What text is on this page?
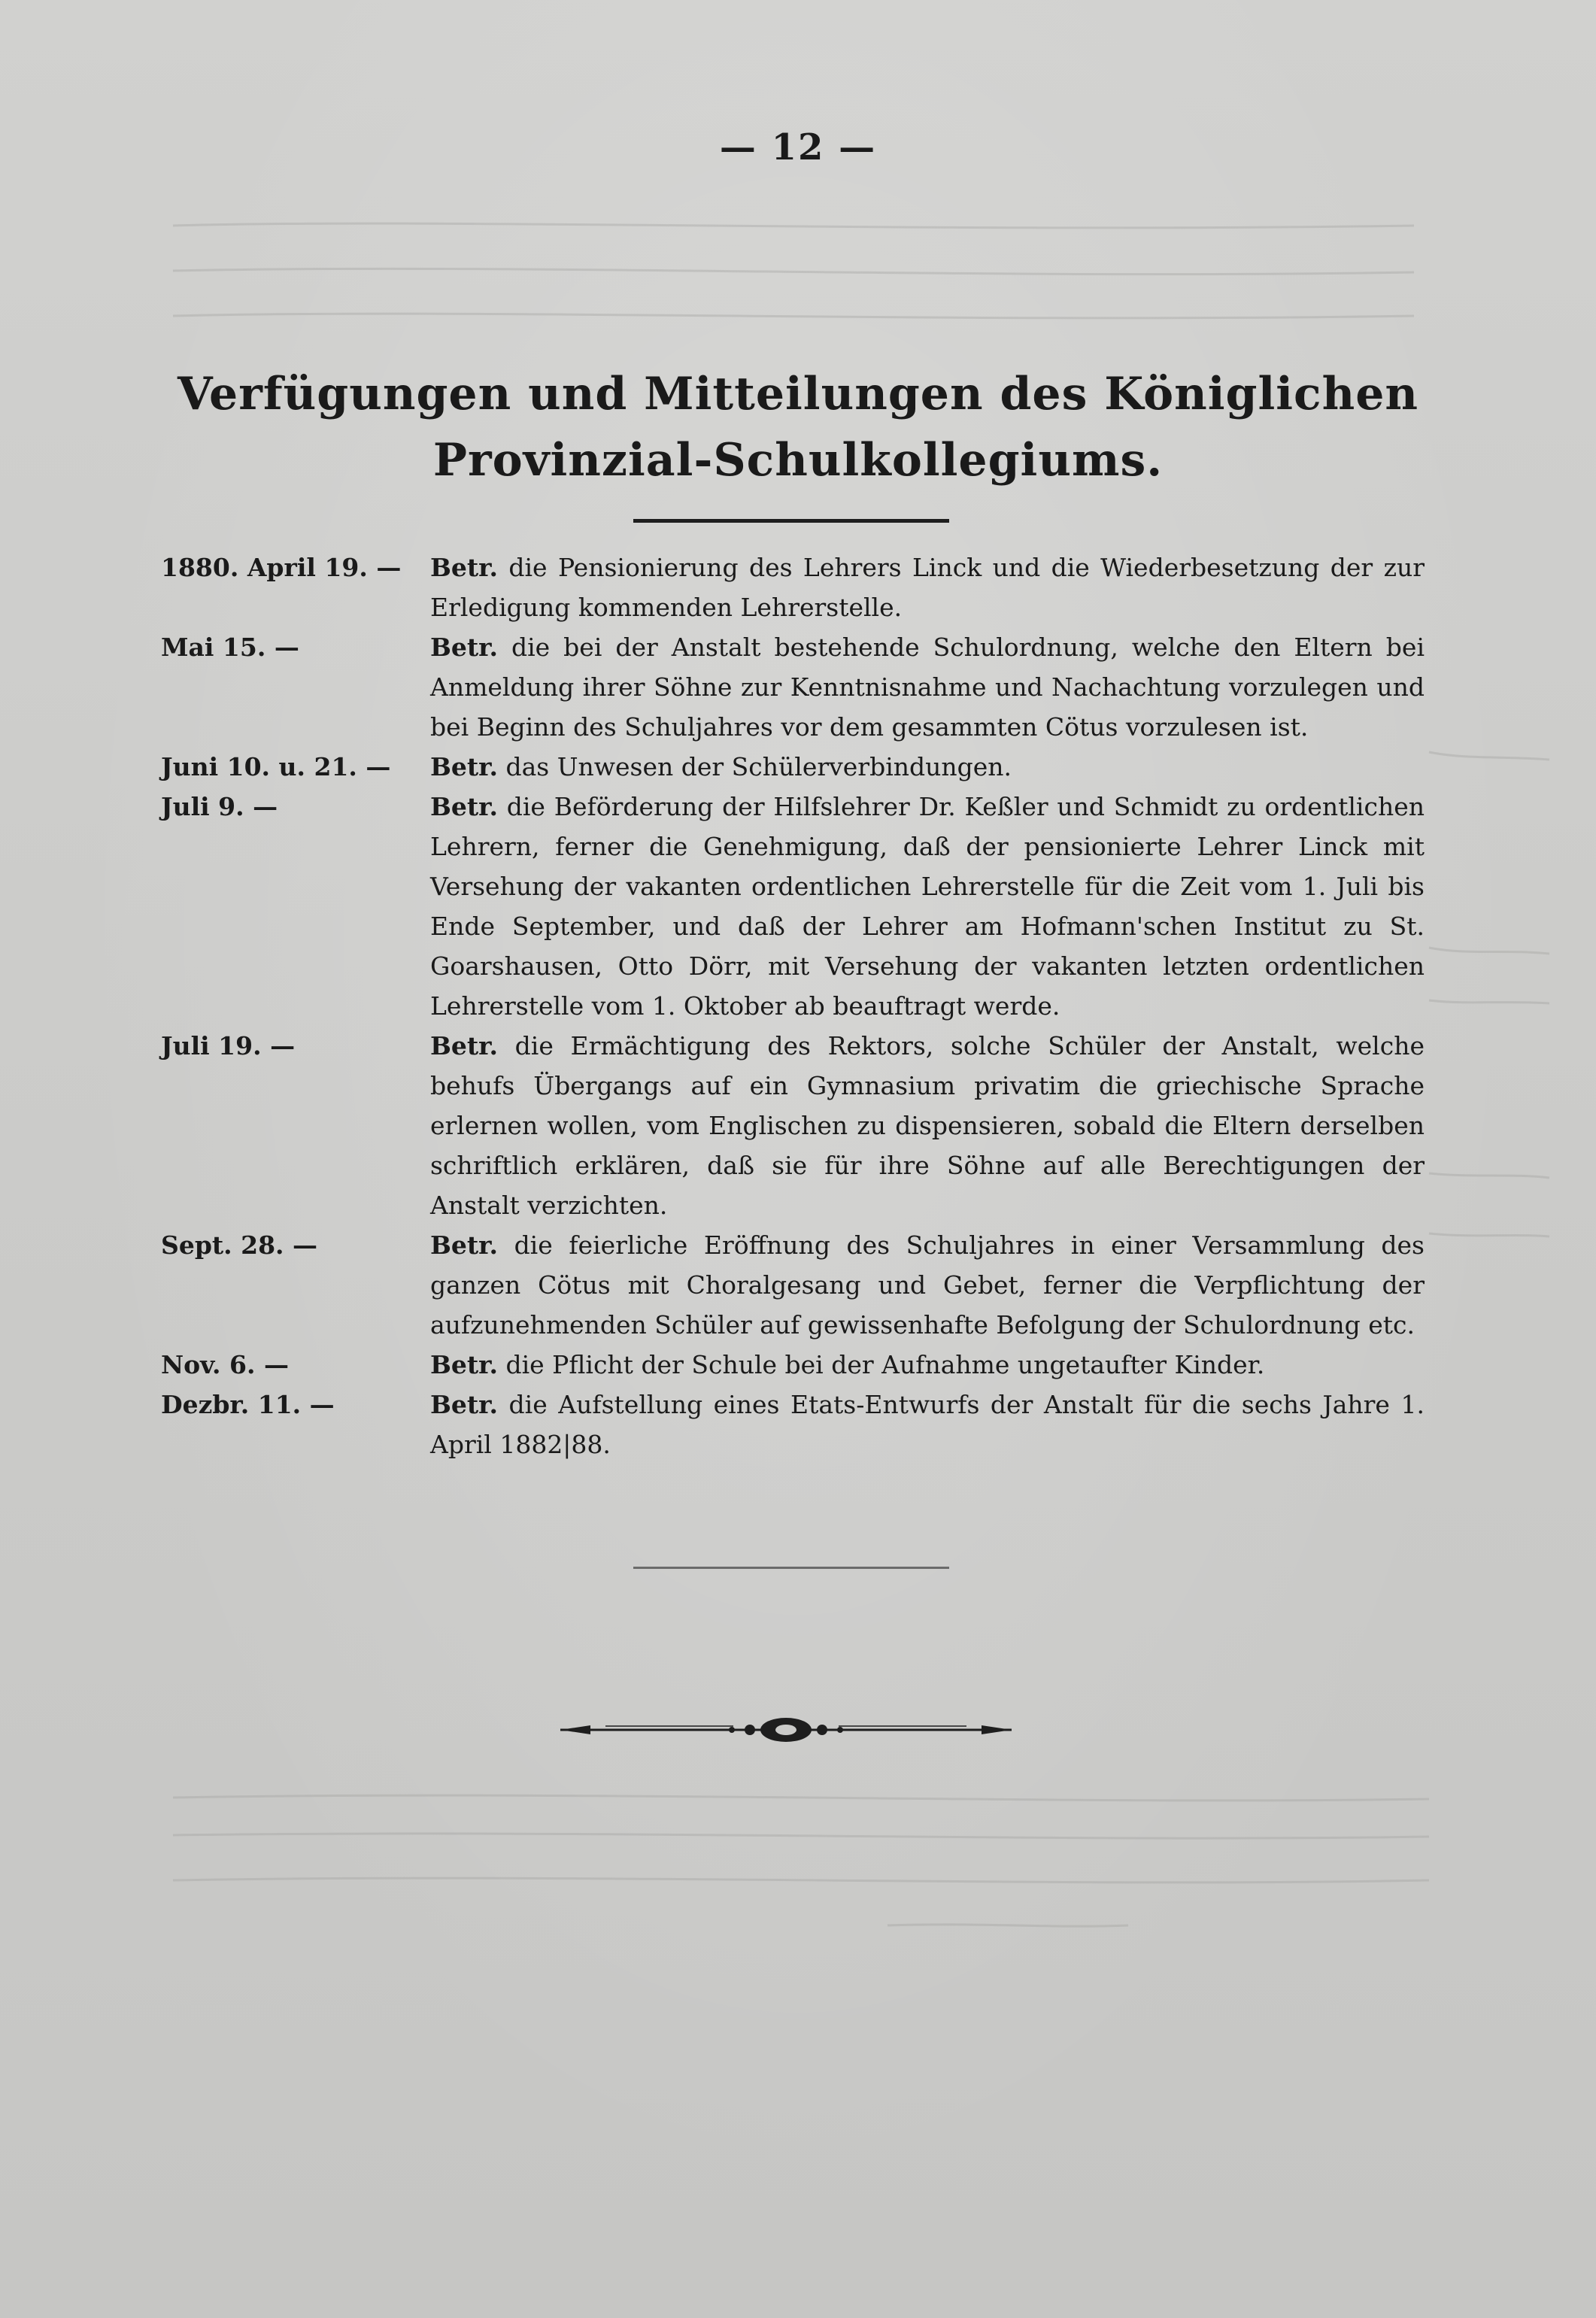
— 12 —
Verfügungen und Mitteilungen des Königlichen
Provinzial-Schulkollegiums.
1880. April 19. —	Betr. die Pensionierung des Lehrers Linck und die Wiederbesetzung der zur Erledigung kommenden Lehrerstelle.
Mai 15. —	Betr. die bei der Anstalt bestehende Schulordnung, welche den Eltern bei Anmeldung ihrer Söhne zur Kenntnisnahme und Nachachtung vorzulegen und bei Beginn des Schuljahres vor dem gesammten Cötus vorzulesen ist.
Juni 10. u. 21. —	Betr. das Unwesen der Schülerverbindungen.
Juli 9. —	Betr. die Beförderung der Hilfslehrer Dr. Keßler und Schmidt zu ordentlichen Lehrern, ferner die Genehmigung, daß der pensionierte Lehrer Linck mit Versehung der vakanten ordentlichen Lehrerstelle für die Zeit vom 1. Juli bis Ende September, und daß der Lehrer am Hofmann'schen Institut zu St. Goarshausen, Otto Dörr, mit Versehung der vakanten letzten ordentlichen Lehrerstelle vom 1. Oktober ab beauftragt werde.
Juli 19. —	Betr. die Ermächtigung des Rektors, solche Schüler der Anstalt, welche behufs Übergangs auf ein Gymnasium privatim die griechische Sprache erlernen wollen, vom Englischen zu dispensieren, sobald die Eltern derselben schriftlich erklären, daß sie für ihre Söhne auf alle Berechtigungen der Anstalt verzichten.
Sept. 28. —	Betr. die feierliche Eröffnung des Schuljahres in einer Versammlung des ganzen Cötus mit Choralgesang und Gebet, ferner die Verpflichtung der aufzunehmenden Schüler auf gewissenhafte Befolgung der Schulordnung etc.
Nov. 6. —	Betr. die Pflicht der Schule bei der Aufnahme ungetaufter Kinder.
Dezbr. 11. —	Betr. die Aufstellung eines Etats-Entwurfs der Anstalt für die sechs Jahre 1. April 1882|88.
